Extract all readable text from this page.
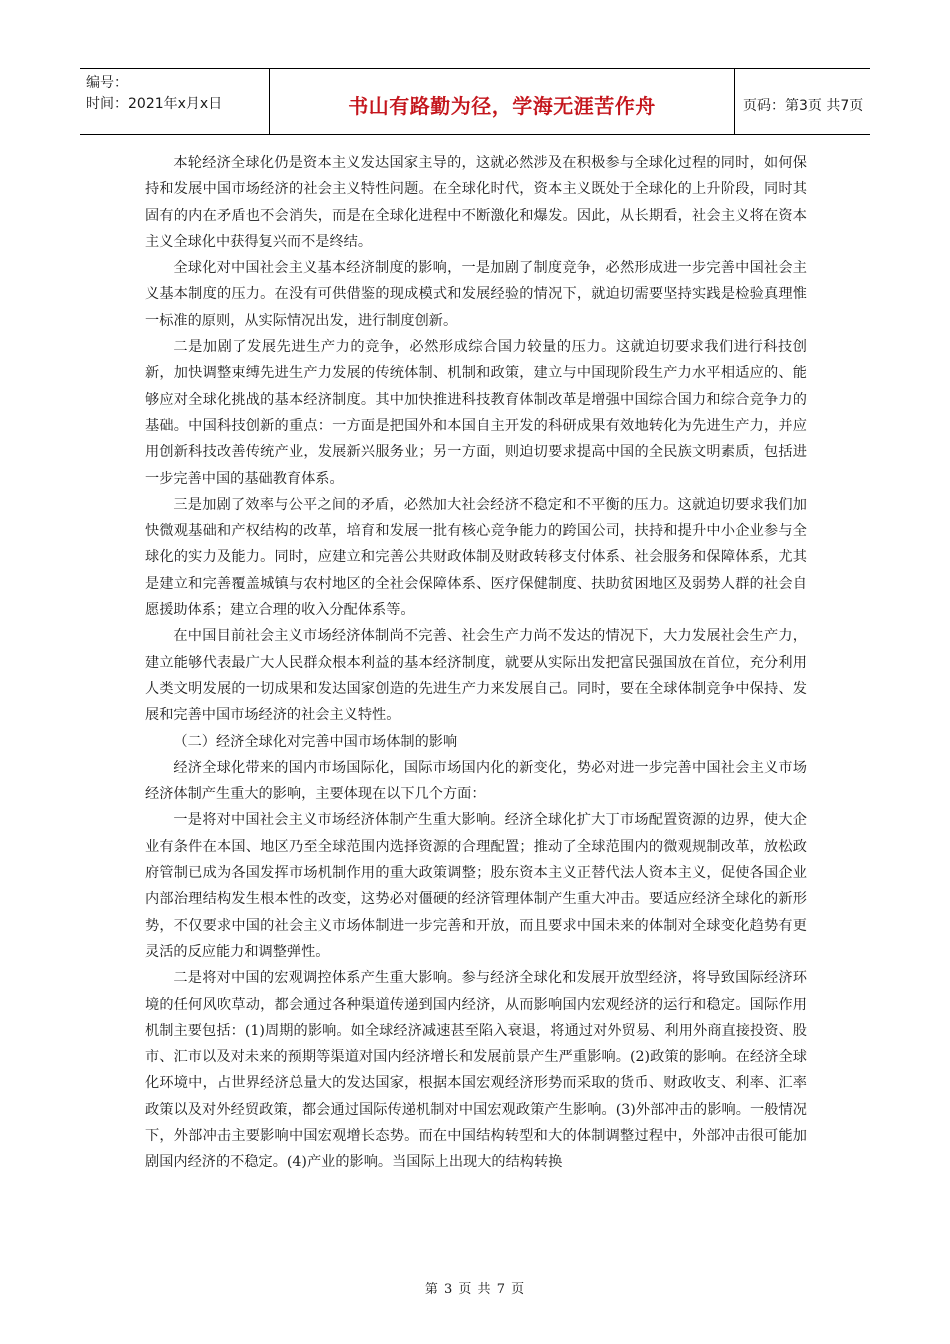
编号：
时间：2021年x月x日	书山有路勤为径，学海无涯苦作舟	页码：第3页 共7页

本轮经济全球化仍是资本主义发达国家主导的，这就必然涉及在积极参与全球化过程的同时，如何保持和发展中国市场经济的社会主义特性问题。在全球化时代，资本主义既处于全球化的上升阶段，同时其固有的内在矛盾也不会消失，而是在全球化进程中不断激化和爆发。因此，从长期看，社会主义将在资本主义全球化中获得复兴而不是终结。

全球化对中国社会主义基本经济制度的影响，一是加剧了制度竞争，必然形成进一步完善中国社会主义基本制度的压力。在没有可供借鉴的现成模式和发展经验的情况下，就迫切需要坚持实践是检验真理惟一标准的原则，从实际情况出发，进行制度创新。

二是加剧了发展先进生产力的竞争，必然形成综合国力较量的压力。这就迫切要求我们进行科技创新，加快调整束缚先进生产力发展的传统体制、机制和政策，建立与中国现阶段生产力水平相适应的、能够应对全球化挑战的基本经济制度。其中加快推进科技教育体制改革是增强中国综合国力和综合竞争力的基础。中国科技创新的重点：一方面是把国外和本国自主开发的科研成果有效地转化为先进生产力，并应用创新科技改善传统产业，发展新兴服务业；另一方面，则迫切要求提高中国的全民族文明素质，包括进一步完善中国的基础教育体系。

三是加剧了效率与公平之间的矛盾，必然加大社会经济不稳定和不平衡的压力。这就迫切要求我们加快微观基础和产权结构的改革，培育和发展一批有核心竞争能力的跨国公司，扶持和提升中小企业参与全球化的实力及能力。同时，应建立和完善公共财政体制及财政转移支付体系、社会服务和保障体系，尤其是建立和完善覆盖城镇与农村地区的全社会保障体系、医疗保健制度、扶助贫困地区及弱势人群的社会自愿援助体系；建立合理的收入分配体系等。

在中国目前社会主义市场经济体制尚不完善、社会生产力尚不发达的情况下，大力发展社会生产力，建立能够代表最广大人民群众根本利益的基本经济制度，就要从实际出发把富民强国放在首位，充分利用人类文明发展的一切成果和发达国家创造的先进生产力来发展自己。同时，要在全球体制竞争中保持、发展和完善中国市场经济的社会主义特性。

（二）经济全球化对完善中国市场体制的影响

经济全球化带来的国内市场国际化，国际市场国内化的新变化，势必对进一步完善中国社会主义市场经济体制产生重大的影响，主要体现在以下几个方面：

一是将对中国社会主义市场经济体制产生重大影响。经济全球化扩大丁市场配置资源的边界，使大企业有条件在本国、地区乃至全球范围内选择资源的合理配置；推动了全球范围内的微观规制改革，放松政府管制已成为各国发挥市场机制作用的重大政策调整；股东资本主义正替代法人资本主义，促使各国企业内部治理结构发生根本性的改变，这势必对僵硬的经济管理体制产生重大冲击。要适应经济全球化的新形势，不仅要求中国的社会主义市场体制进一步完善和开放，而且要求中国未来的体制对全球变化趋势有更灵活的反应能力和调整弹性。

二是将对中国的宏观调控体系产生重大影响。参与经济全球化和发展开放型经济，将导致国际经济环境的任何风吹草动，都会通过各种渠道传递到国内经济，从而影响国内宏观经济的运行和稳定。国际作用机制主要包括：(1)周期的影响。如全球经济减速甚至陷入衰退，将通过对外贸易、利用外商直接投资、股市、汇市以及对未来的预期等渠道对国内经济增长和发展前景产生严重影响。(2)政策的影响。在经济全球化环境中，占世界经济总量大的发达国家，根据本国宏观经济形势而采取的货币、财政收支、利率、汇率政策以及对外经贸政策，都会通过国际传递机制对中国宏观政策产生影响。(3)外部冲击的影响。一般情况下，外部冲击主要影响中国宏观增长态势。而在中国结构转型和大的体制调整过程中，外部冲击很可能加剧国内经济的不稳定。(4)产业的影响。当国际上出现大的结构转换

第 3 页 共 7 页
